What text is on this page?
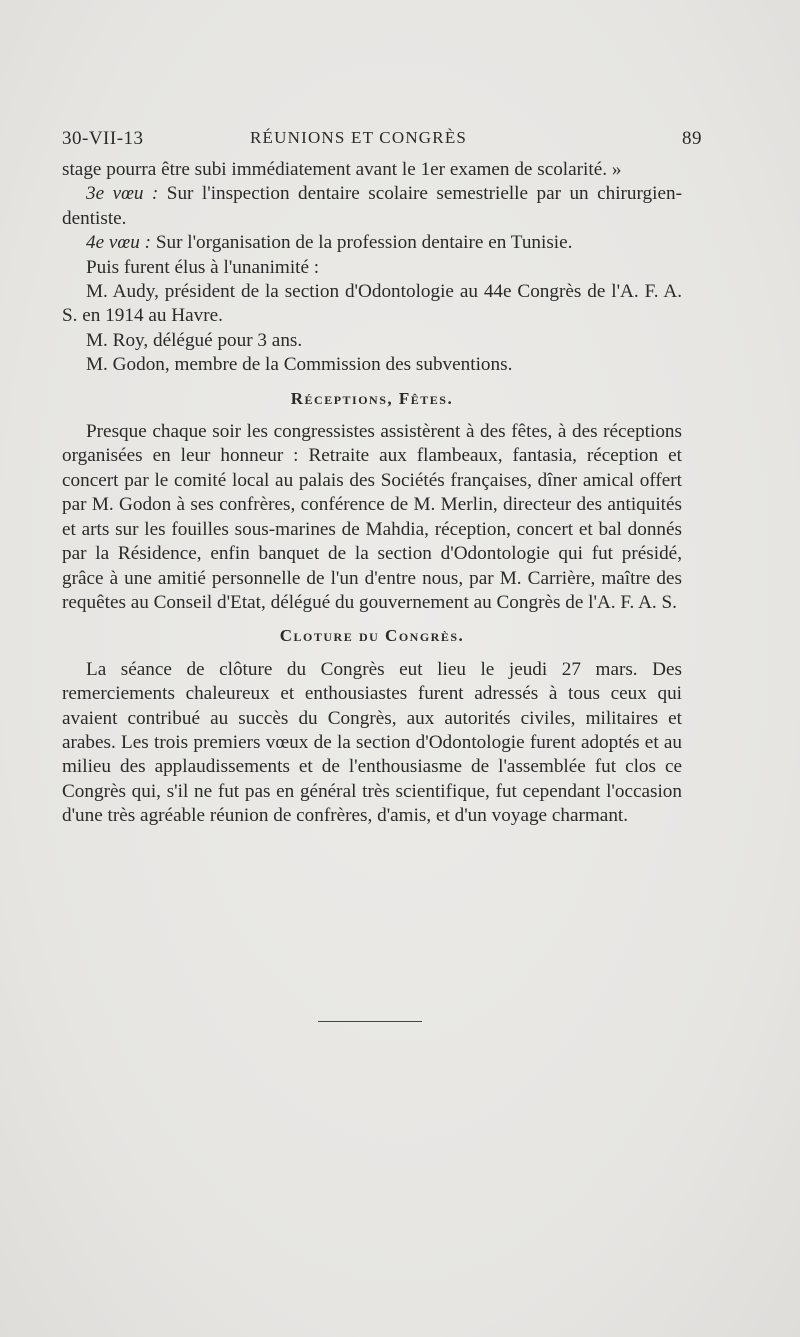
30-VII-13	RÉUNIONS ET CONGRÈS	89

stage pourra être subi immédiatement avant le 1er examen de scolarité. »

3e vœu : Sur l'inspection dentaire scolaire semestrielle par un chirurgien-dentiste.

4e vœu : Sur l'organisation de la profession dentaire en Tunisie.

Puis furent élus à l'unanimité :

M. Audy, président de la section d'Odontologie au 44e Congrès de l'A. F. A. S. en 1914 au Havre.

M. Roy, délégué pour 3 ans.

M. Godon, membre de la Commission des subventions.

Réceptions, Fêtes.

Presque chaque soir les congressistes assistèrent à des fêtes, à des réceptions organisées en leur honneur : Retraite aux flambeaux, fantasia, réception et concert par le comité local au palais des Sociétés françaises, dîner amical offert par M. Godon à ses confrères, conférence de M. Merlin, directeur des antiquités et arts sur les fouilles sous-marines de Mahdia, réception, concert et bal donnés par la Résidence, enfin banquet de la section d'Odontologie qui fut présidé, grâce à une amitié personnelle de l'un d'entre nous, par M. Carrière, maître des requêtes au Conseil d'Etat, délégué du gouvernement au Congrès de l'A. F. A. S.

Cloture du Congrès.

La séance de clôture du Congrès eut lieu le jeudi 27 mars. Des remerciements chaleureux et enthousiastes furent adressés à tous ceux qui avaient contribué au succès du Congrès, aux autorités civiles, militaires et arabes. Les trois premiers vœux de la section d'Odontologie furent adoptés et au milieu des applaudissements et de l'enthousiasme de l'assemblée fut clos ce Congrès qui, s'il ne fut pas en général très scientifique, fut cependant l'occasion d'une très agréable réunion de confrères, d'amis, et d'un voyage charmant.
